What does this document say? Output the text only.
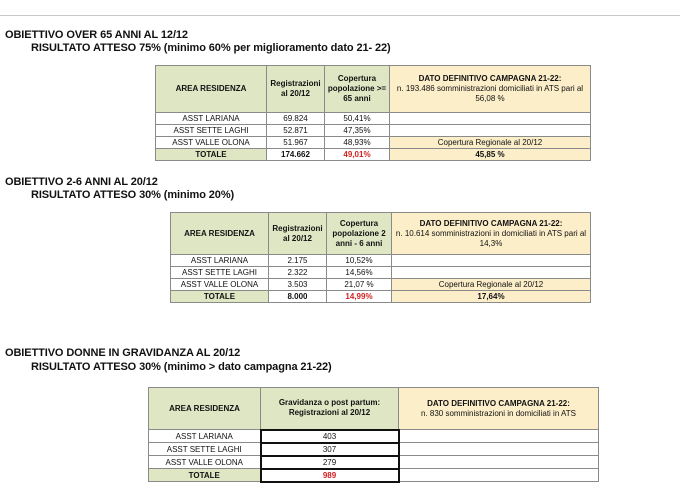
OBIETTIVO OVER 65 ANNI AL 12/12
RISULTATO ATTESO 75% (minimo 60% per miglioramento dato 21- 22)
AREA RESIDENZA	Registrazioni al 20/12	Copertura popolazione >= 65 anni	DATO DEFINITIVO CAMPAGNA 21-22:
n. 193.486 somministrazioni domiciliati in ATS pari al 56,08 %

ASST LARIANA	69.824	50,41%	
ASST SETTE LAGHI	52.871	47,35%	
ASST VALLE OLONA	51.967	48,93%	Copertura Regionale al 20/12
TOTALE	174.662	49,01%	45,85 %
OBIETTIVO 2-6 ANNI AL 20/12
RISULTATO ATTESO 30% (minimo 20%)
AREA RESIDENZA	Registrazioni al 20/12	Copertura popolazione 2 anni - 6 anni	DATO DEFINITIVO CAMPAGNA 21-22:
n. 10.614 somministrazioni in domiciliati in ATS pari al 14,3%

ASST LARIANA	2.175	10,52%	
ASST SETTE LAGHI	2.322	14,56%	
ASST VALLE OLONA	3.503	21,07 %	Copertura Regionale al 20/12
TOTALE	8.000	14,99%	17,64%
OBIETTIVO DONNE IN GRAVIDANZA AL 20/12
RISULTATO ATTESO 30% (minimo > dato campagna 21-22)
AREA RESIDENZA	Gravidanza o post partum: Registrazioni al 20/12	DATO DEFINITIVO CAMPAGNA 21-22:
n. 830 somministrazioni in domiciliati in ATS

ASST LARIANA	403	
ASST SETTE LAGHI	307	
ASST VALLE OLONA	279	
TOTALE	989	
